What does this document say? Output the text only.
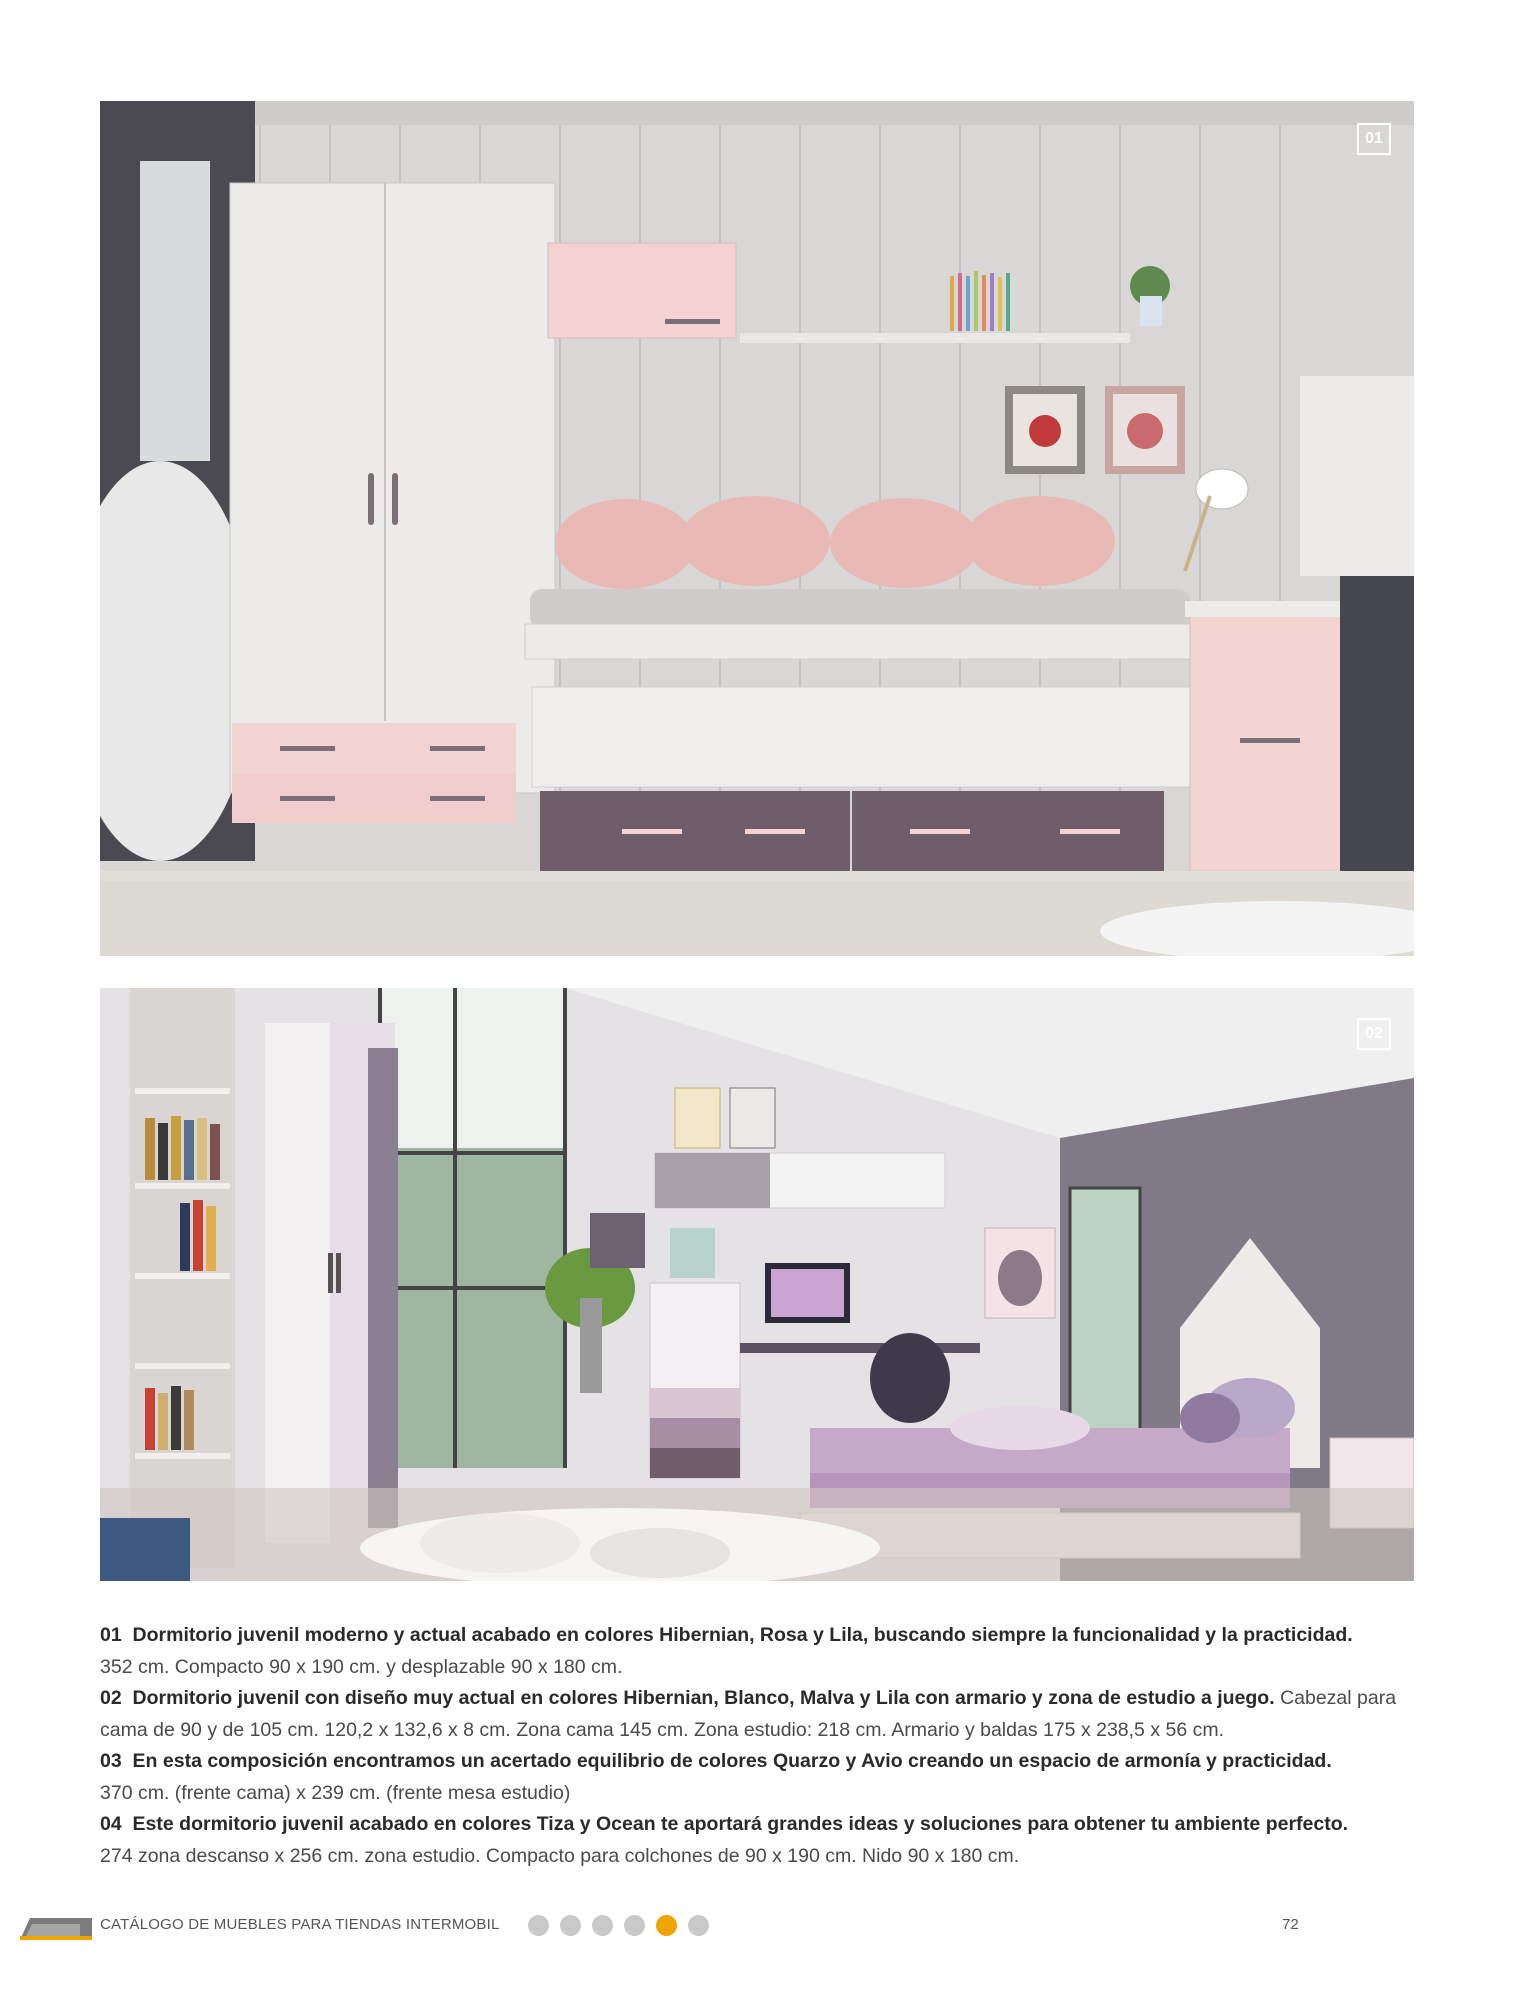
01
02

01 Dormitorio juvenil moderno y actual acabado en colores Hibernian, Rosa y Lila, buscando siempre la funcionalidad y la practicidad.
352 cm. Compacto 90 x 190 cm. y desplazable 90 x 180 cm.

02 Dormitorio juvenil con diseño muy actual en colores Hibernian, Blanco, Malva y Lila con armario y zona de estudio a juego. Cabezal para cama de 90 y de 105 cm. 120,2 x 132,6 x 8 cm. Zona cama 145 cm. Zona estudio: 218 cm. Armario y baldas 175 x 238,5 x 56 cm.

03 En esta composición encontramos un acertado equilibrio de colores Quarzo y Avio creando un espacio de armonía y practicidad.
370 cm. (frente cama) x 239 cm. (frente mesa estudio)

04 Este dormitorio juvenil acabado en colores Tiza y Ocean te aportará grandes ideas y soluciones para obtener tu ambiente perfecto.
274 zona descanso x 256 cm. zona estudio. Compacto para colchones de 90 x 190 cm. Nido 90 x 180 cm.

CATÁLOGO DE MUEBLES PARA TIENDAS INTERMOBIL	72
